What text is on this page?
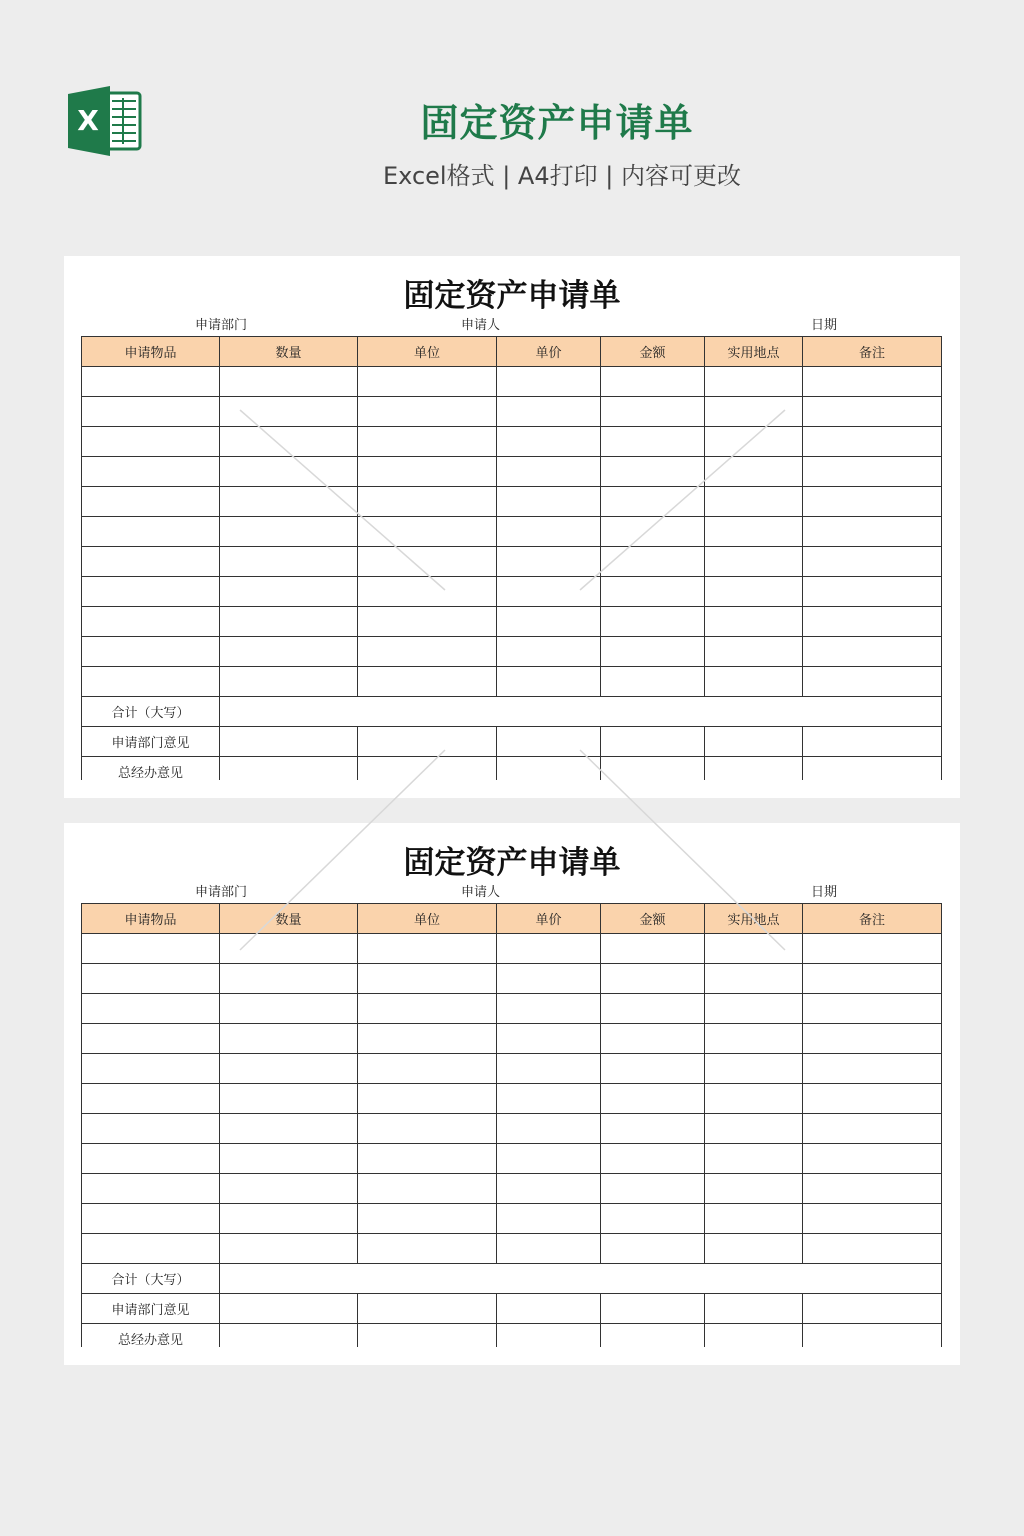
X	固定资产申请单
Excel格式 | A4打印 | 内容可更改
固定资产申请单
申请部门	申请人	日期
申请物品	数量	单位	单价	金额	实用地点	备注

合计（大写）						
申请部门意见						
总经办意见						
固定资产申请单
申请部门	申请人	日期
申请物品	数量	单位	单价	金额	实用地点	备注

合计（大写）						
申请部门意见						
总经办意见						
